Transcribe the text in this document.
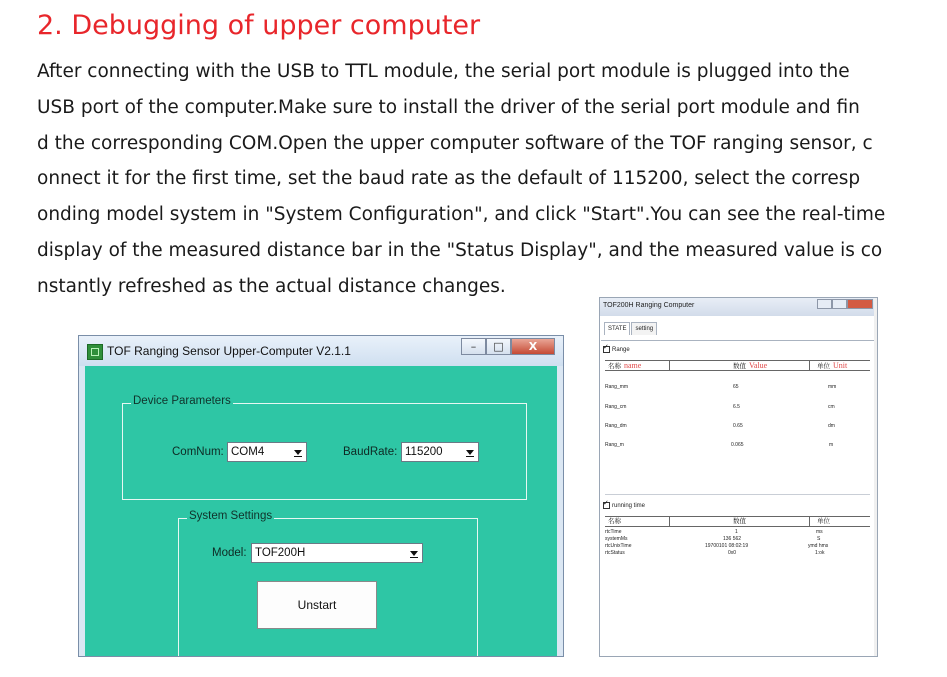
2. Debugging of upper computer
After connecting with the USB to TTL module, the serial port module is plugged into the
USB port of the computer.Make sure to install the driver of the serial port module and fin
d the corresponding COM.Open the upper computer software of the TOF ranging sensor, c
onnect it for the first time, set the baud rate as the default of 115200, select the corresp
onding model system in "System Configuration", and click "Start".You can see the real-time
display of the measured distance bar in the "Status Display", and the measured value is co
nstantly refreshed as the actual distance changes.
TOF Ranging Sensor Upper-Computer V2.1.1	–	□	X
Device Parameters
ComNum: COM4	BaudRate: 115200
System Settings
Model: TOF200H
Unstart
TOF200H Ranging Computer
STATE	setting
✓Range
名称 name	数值 Value	单位 Unit
Rang_mm	65	mm
Rang_cm	6.5	cm
Rang_dm	0.65	dm
Rang_m	0.065	m
✓running time
名称	数值	单位
rtcTime	1	ms
systemMs	136 562	S
rtcUnixTime	19700101 08:02:19	ymd hms
rtcStatus	0x0	1:ok
